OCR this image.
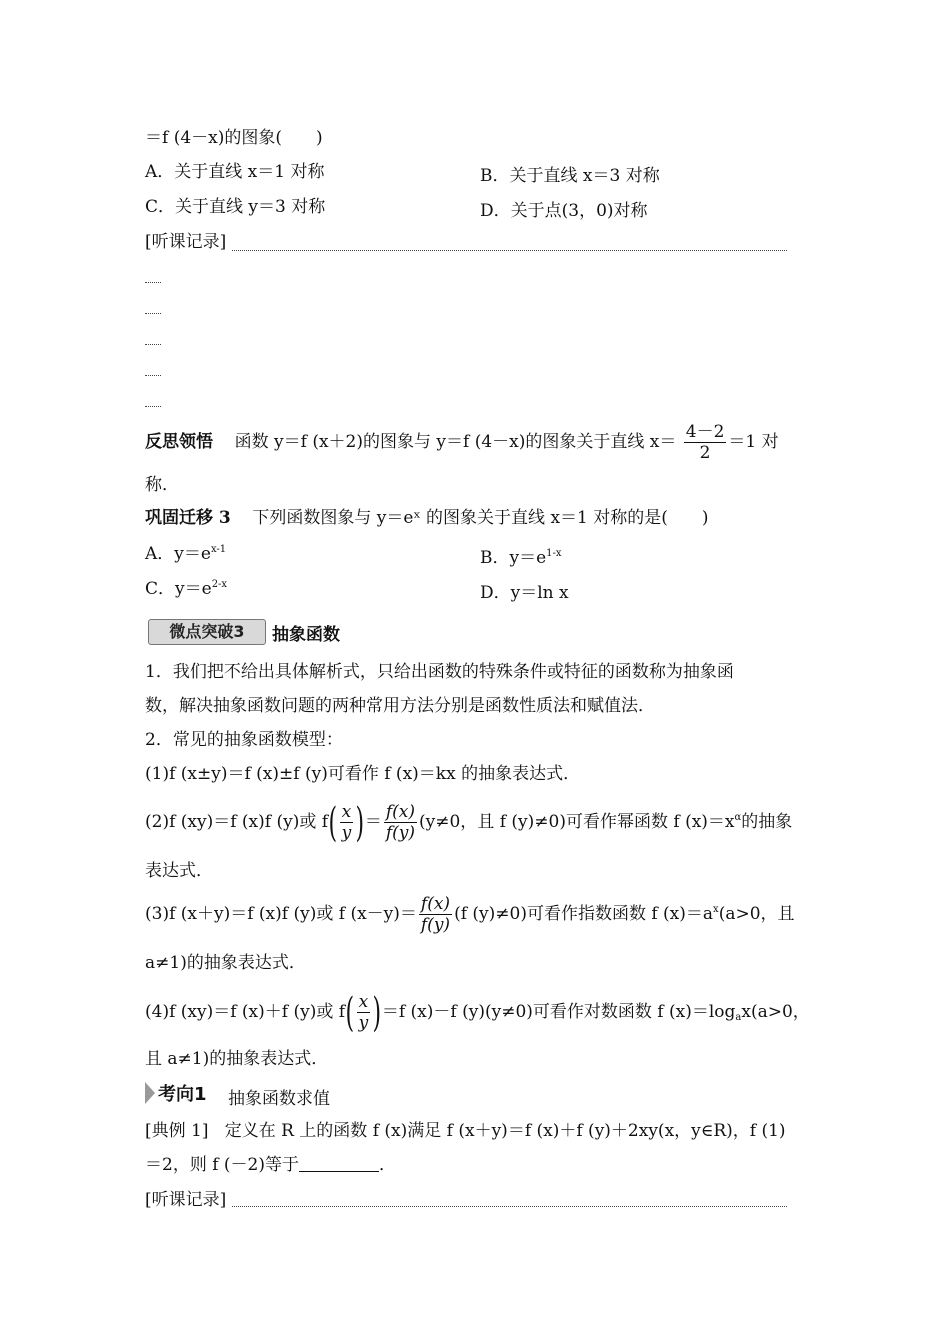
＝f (4－x)的图象(　　)
A．关于直线 x＝1 对称	B．关于直线 x＝3 对称
C．关于直线 y＝3 对称	D．关于点(3，0)对称
[听课记录]
反思领悟 函数 y＝f (x＋2)的图象与 y＝f (4－x)的图象关于直线 $x= \frac{4-2}{2} =1$ 对
称．
巩固迁移 3 下列函数图象与 y＝eˣ 的图象关于直线 x＝1 对称的是(　　)
A．$y=e^{x-1}$	B．$y=e^{1-x}$
C．$y=e^{2-x}$	D．y＝ln x
微点突破3	抽象函数
1．我们把不给出具体解析式，只给出函数的特殊条件或特征的函数称为抽象函
数，解决抽象函数问题的两种常用方法分别是函数性质法和赋值法．
2．常见的抽象函数模型：
(1)f (x±y)＝f (x)±f (y)可看作 f (x)＝kx 的抽象表达式．
(2)f (xy)＝f (x)f (y)或 $f( \frac{x}{y}$ )＝ $\frac{f(x)}{f(y)} (y\ne 0$，且 f (y)≠0)可看作幂函数 f $(x)=x^\alpha$的抽象
表达式．
(3)f (x＋y)＝f (x)f (y)或 f $(x-y)= \frac{f(x)}{f(y)} (f$ (y)≠0)可看作指数函数 f $(x)=a^x(a>0$，且
a≠1)的抽象表达式．
(4)f (xy)＝f (x)＋f (y)或 $f( \frac{x}{y} )=f$ (x)－f (y)(y≠0)可看作对数函数 f $(x)=\log_ax(a>0$，
且 a≠1)的抽象表达式．
考向1 抽象函数求值
[典例 1] 定义在 R 上的函数 f (x)满足 f (x＋y)＝f (x)＋f (y)＋2xy(x，y∈R)，f (1)
＝2，则 f (－2)等于	．
[听课记录]
